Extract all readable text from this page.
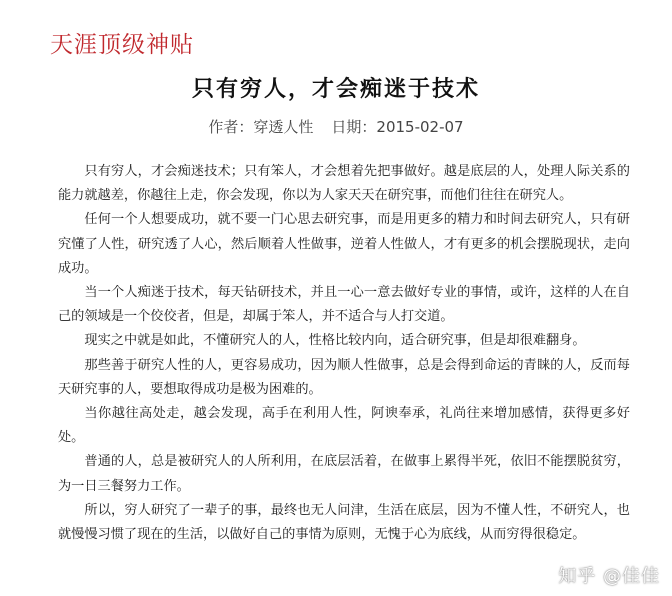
天涯顶级神贴
只有穷人，才会痴迷于技术
作者：穿透人性 日期：2015-02-07

只有穷人，才会痴迷技术；只有笨人，才会想着先把事做好。越是底层的人，处理人际关系的能力就越差，你越往上走，你会发现，你以为人家天天在研究事，而他们往往在研究人。

任何一个人想要成功，就不要一门心思去研究事，而是用更多的精力和时间去研究人，只有研究懂了人性，研究透了人心，然后顺着人性做事，逆着人性做人，才有更多的机会摆脱现状，走向成功。

当一个人痴迷于技术，每天钻研技术，并且一心一意去做好专业的事情，或许，这样的人在自己的领域是一个佼佼者，但是，却属于笨人，并不适合与人打交道。

现实之中就是如此，不懂研究人的人，性格比较内向，适合研究事，但是却很难翻身。

那些善于研究人性的人，更容易成功，因为顺人性做事，总是会得到命运的青睐的人，反而每天研究事的人，要想取得成功是极为困难的。

当你越往高处走，越会发现，高手在利用人性，阿谀奉承，礼尚往来增加感情，获得更多好处。

普通的人，总是被研究人的人所利用，在底层活着，在做事上累得半死，依旧不能摆脱贫穷，为一日三餐努力工作。

所以，穷人研究了一辈子的事，最终也无人问津，生活在底层，因为不懂人性，不研究人，也就慢慢习惯了现在的生活，以做好自己的事情为原则，无愧于心为底线，从而穷得很稳定。

知乎 @佳佳
